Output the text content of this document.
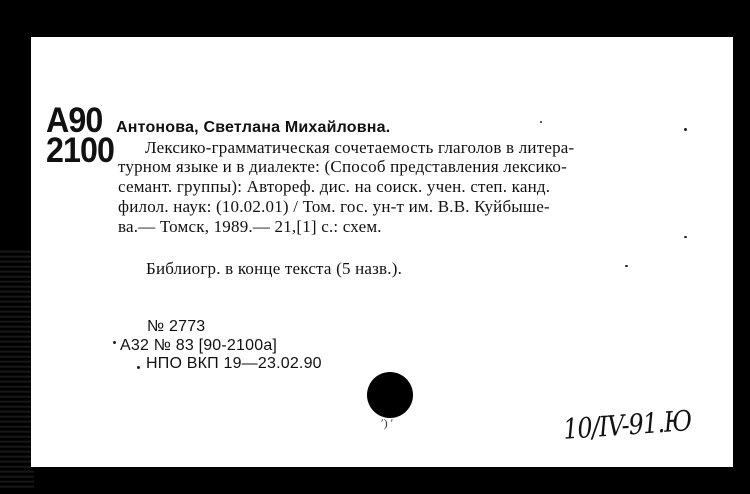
A90
2100
Антонова, Светлана Михайловна.
Лексико-грамматическая сочетаемость глаголов в литера-
турном языке и в диалекте: (Способ представления лексико-
семант. группы): Автореф. дис. на соиск. учен. степ. канд.
филол. наук: (10.02.01) / Том. гос. ун-т им. В.В. Куйбыше-
ва.— Томск, 1989.— 21,[1] с.: схем.
Библиогр. в конце текста (5 назв.).
№ 2773
А32 № 83 [90-2100а]
НПО ВКП 19—23.02.90
ʹ) ʹ	10/IV-91.Ю
